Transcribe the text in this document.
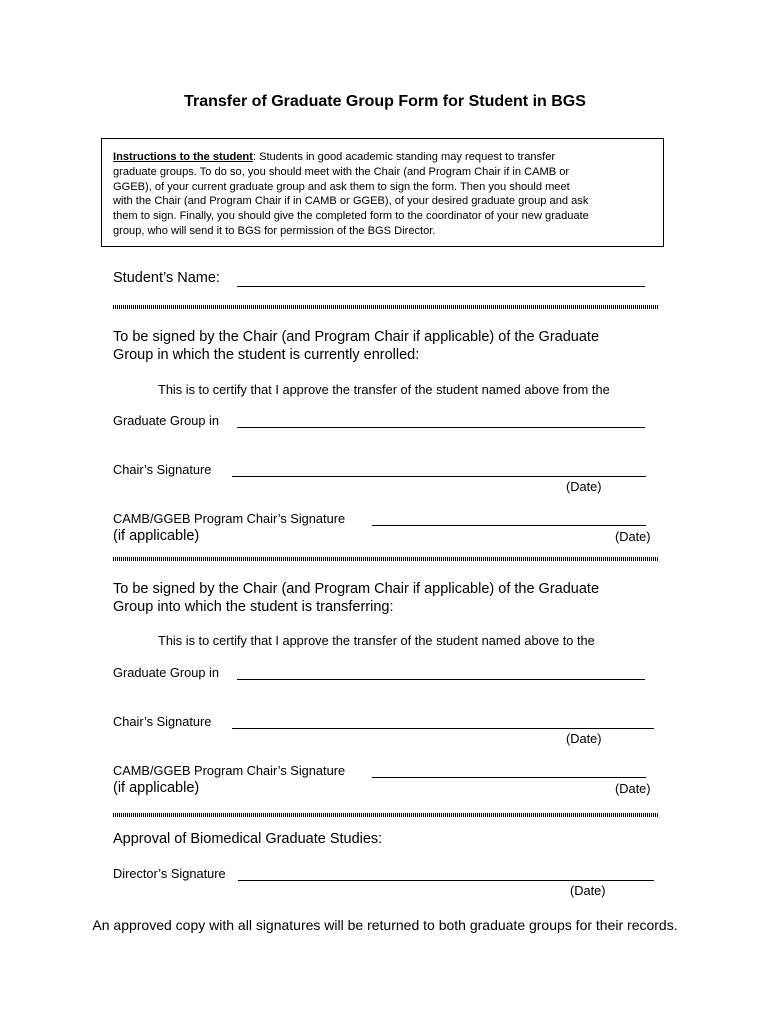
Transfer of Graduate Group Form for Student in BGS
Instructions to the student: Students in good academic standing may request to transfer
graduate groups. To do so, you should meet with the Chair (and Program Chair if in CAMB or
GGEB), of your current graduate group and ask them to sign the form. Then you should meet
with the Chair (and Program Chair if in CAMB or GGEB), of your desired graduate group and ask
them to sign. Finally, you should give the completed form to the coordinator of your new graduate
group, who will send it to BGS for permission of the BGS Director.
Student’s Name:
To be signed by the Chair (and Program Chair if applicable) of the Graduate
Group in which the student is currently enrolled:
This is to certify that I approve the transfer of the student named above from the
Graduate Group in
Chair’s Signature
(Date)
CAMB/GGEB Program Chair’s Signature
(if applicable)	(Date)
To be signed by the Chair (and Program Chair if applicable) of the Graduate
Group into which the student is transferring:
This is to certify that I approve the transfer of the student named above to the
Graduate Group in
Chair’s Signature
(Date)
CAMB/GGEB Program Chair’s Signature
(if applicable)	(Date)
Approval of Biomedical Graduate Studies:
Director’s Signature
(Date)
An approved copy with all signatures will be returned to both graduate groups for their records.
